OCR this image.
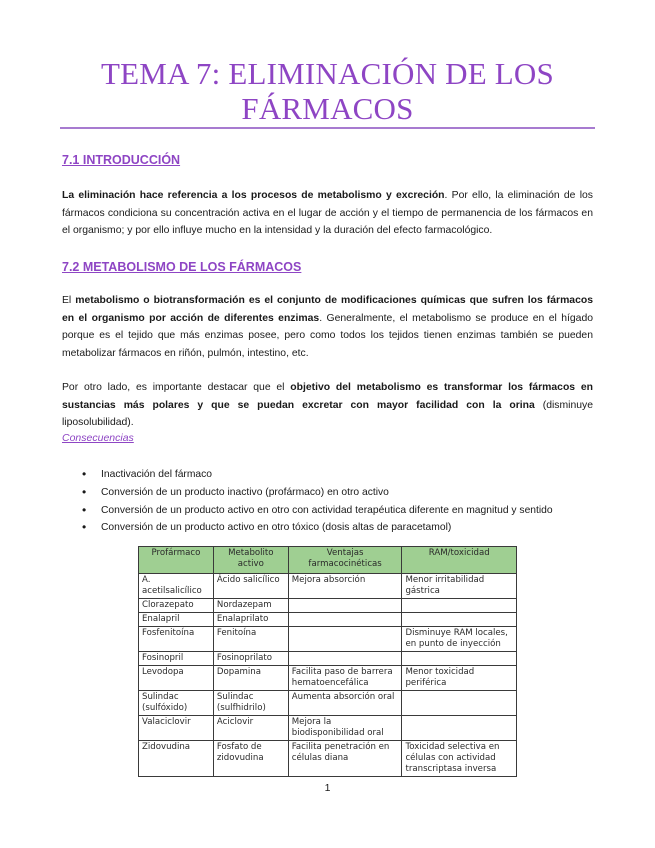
TEMA 7: ELIMINACIÓN DE LOS FÁRMACOS
7.1 INTRODUCCIÓN

La eliminación hace referencia a los procesos de metabolismo y excreción. Por ello, la eliminación de los fármacos condiciona su concentración activa en el lugar de acción y el tiempo de permanencia de los fármacos en el organismo; y por ello influye mucho en la intensidad y la duración del efecto farmacológico.

7.2 METABOLISMO DE LOS FÁRMACOS

El metabolismo o biotransformación es el conjunto de modificaciones químicas que sufren los fármacos en el organismo por acción de diferentes enzimas. Generalmente, el metabolismo se produce en el hígado porque es el tejido que más enzimas posee, pero como todos los tejidos tienen enzimas también se pueden metabolizar fármacos en riñón, pulmón, intestino, etc.

Por otro lado, es importante destacar que el objetivo del metabolismo es transformar los fármacos en sustancias más polares y que se puedan excretar con mayor facilidad con la orina (disminuye liposolubilidad).

Consecuencias
• Inactivación del fármaco
• Conversión de un producto inactivo (profármaco) en otro activo
• Conversión de un producto activo en otro con actividad terapéutica diferente en magnitud y sentido
• Conversión de un producto activo en otro tóxico (dosis altas de paracetamol)
Profármaco	Metabolito activo	Ventajas farmacocinéticas	RAM/toxicidad
A. acetilsalicílico	Ácido salicílico	Mejora absorción	Menor irritabilidad gástrica
Clorazepato	Nordazepam		
Enalapril	Enalaprilato		
Fosfenitoína	Fenitoína		Disminuye RAM locales, en punto de inyección
Fosinopril	Fosinoprilato		
Levodopa	Dopamina	Facilita paso de barrera hematoencefálica	Menor toxicidad periférica
Sulindac (sulfóxido)	Sulindac (sulfhidrilo)	Aumenta absorción oral	
Valaciclovir	Aciclovir	Mejora la biodisponibilidad oral	
Zidovudina	Fosfato de zidovudina	Facilita penetración en células diana	Toxicidad selectiva en células con actividad transcriptasa inversa
1
